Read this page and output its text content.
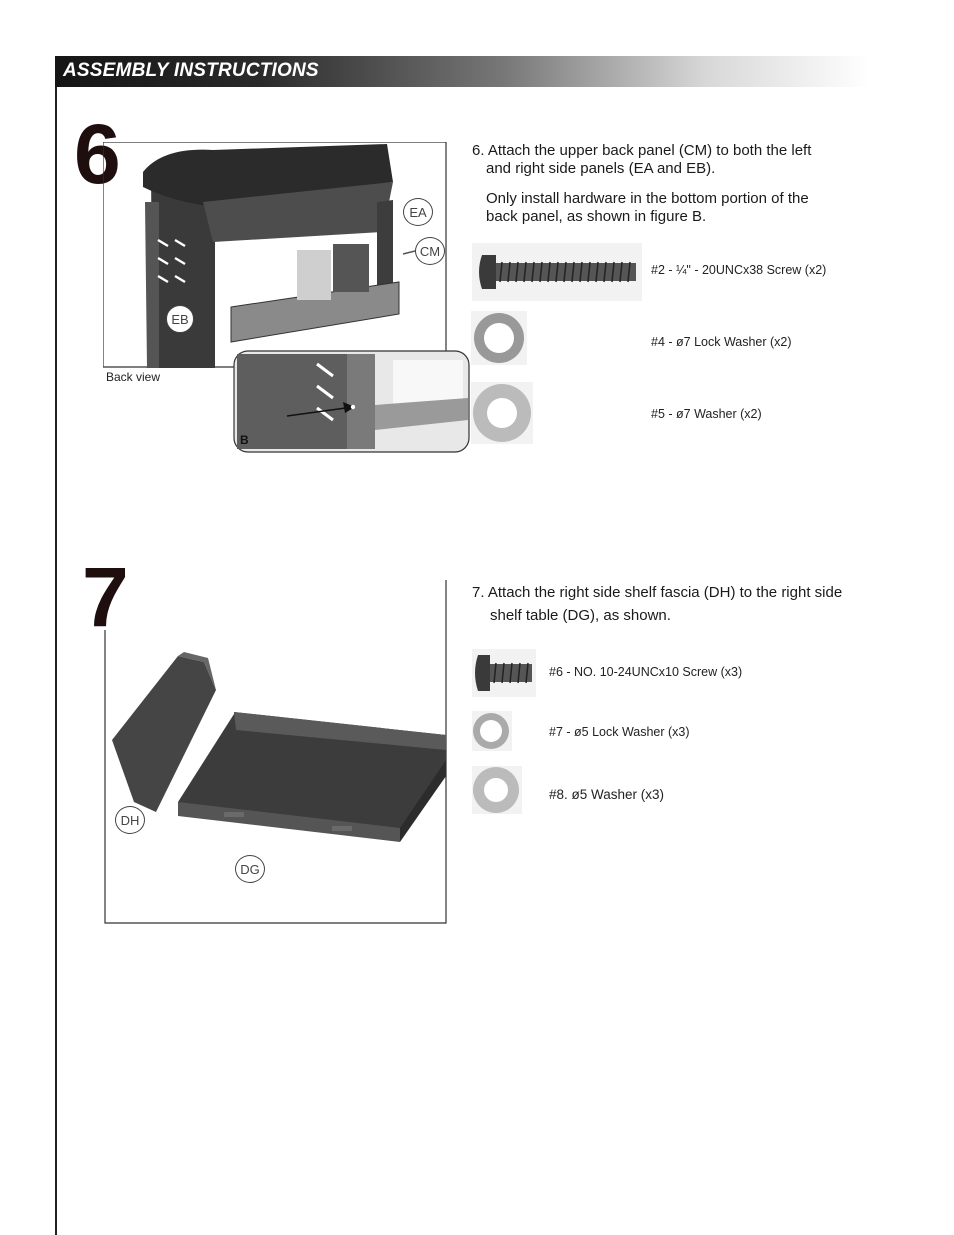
ASSEMBLY INSTRUCTIONS
6
EA
CM
EB
Back view
B
6. Attach the upper back panel (CM) to both the left
and right side panels (EA and EB).
Only install hardware in the bottom portion of the
back panel, as shown in figure B.
#2 - ¼" - 20UNCx38 Screw (x2)
#4 - ø7 Lock Washer (x2)
#5 - ø7 Washer (x2)
7
DH
DG
7. Attach the right side shelf fascia (DH) to the right side
shelf table (DG), as shown.
#6 - NO. 10-24UNCx10 Screw (x3)
#7 - ø5 Lock Washer (x3)
#8. ø5 Washer (x3)
